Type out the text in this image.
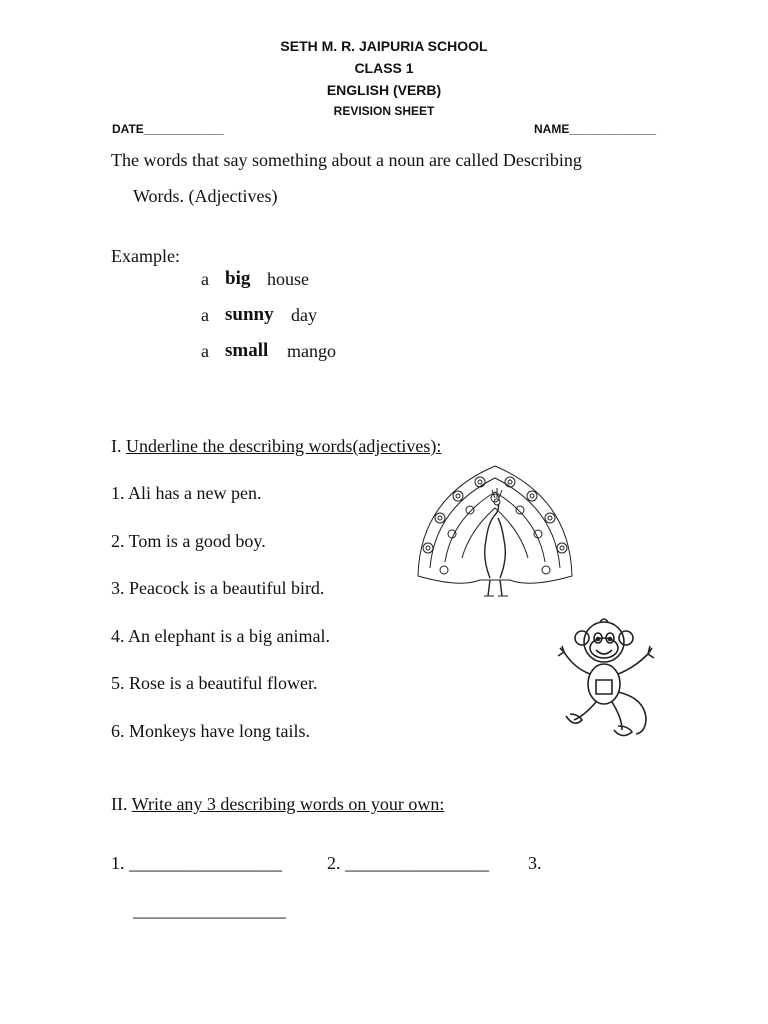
SETH M. R. JAIPURIA SCHOOL
CLASS 1
ENGLISH (VERB)
REVISION SHEET
DATE____________	NAME_____________
The words that say something about a noun are called Describing
Words. (Adjectives)
Example:
a big house
a sunny day
a small mango
I. Underline the describing words(adjectives):
1. Ali has a new pen.
2. Tom is a good boy.
3. Peacock is a beautiful bird.
4. An elephant is a big animal.
5. Rose is a beautiful flower.
6. Monkeys have long tails.
II. Write any 3 describing words on your own:
1. _________________	2. ________________ 3.
_________________
